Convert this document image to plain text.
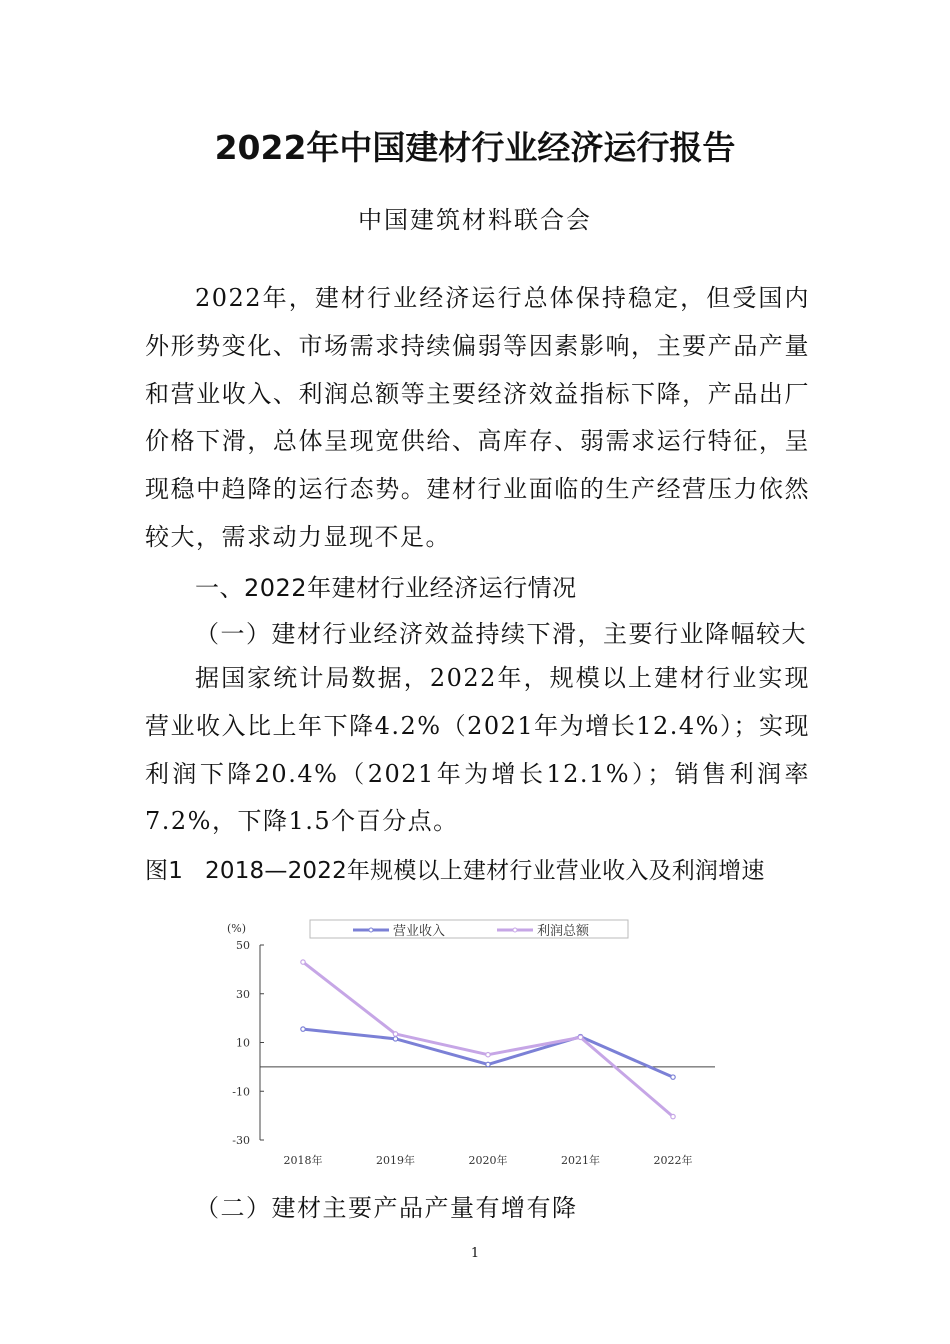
2022年中国建材行业经济运行报告
中国建筑材料联合会
2022年，建材行业经济运行总体保持稳定，但受国内外形势变化、市场需求持续偏弱等因素影响，主要产品产量和营业收入、利润总额等主要经济效益指标下降，产品出厂价格下滑，总体呈现宽供给、高库存、弱需求运行特征，呈现稳中趋降的运行态势。建材行业面临的生产经营压力依然较大，需求动力显现不足。
一、2022年建材行业经济运行情况
（一）建材行业经济效益持续下滑，主要行业降幅较大
据国家统计局数据，2022年，规模以上建材行业实现营业收入比上年下降4.2%（2021年为增长12.4%）；实现利润下降20.4%（2021年为增长12.1%）；销售利润率7.2%，下降1.5个百分点。
图1 2018—2022年规模以上建材行业营业收入及利润增速
(%)	营业收入	利润总额
50
30
10
-10
-30
2018年	2019年	2020年	2021年	2022年
（二）建材主要产品产量有增有降
1
